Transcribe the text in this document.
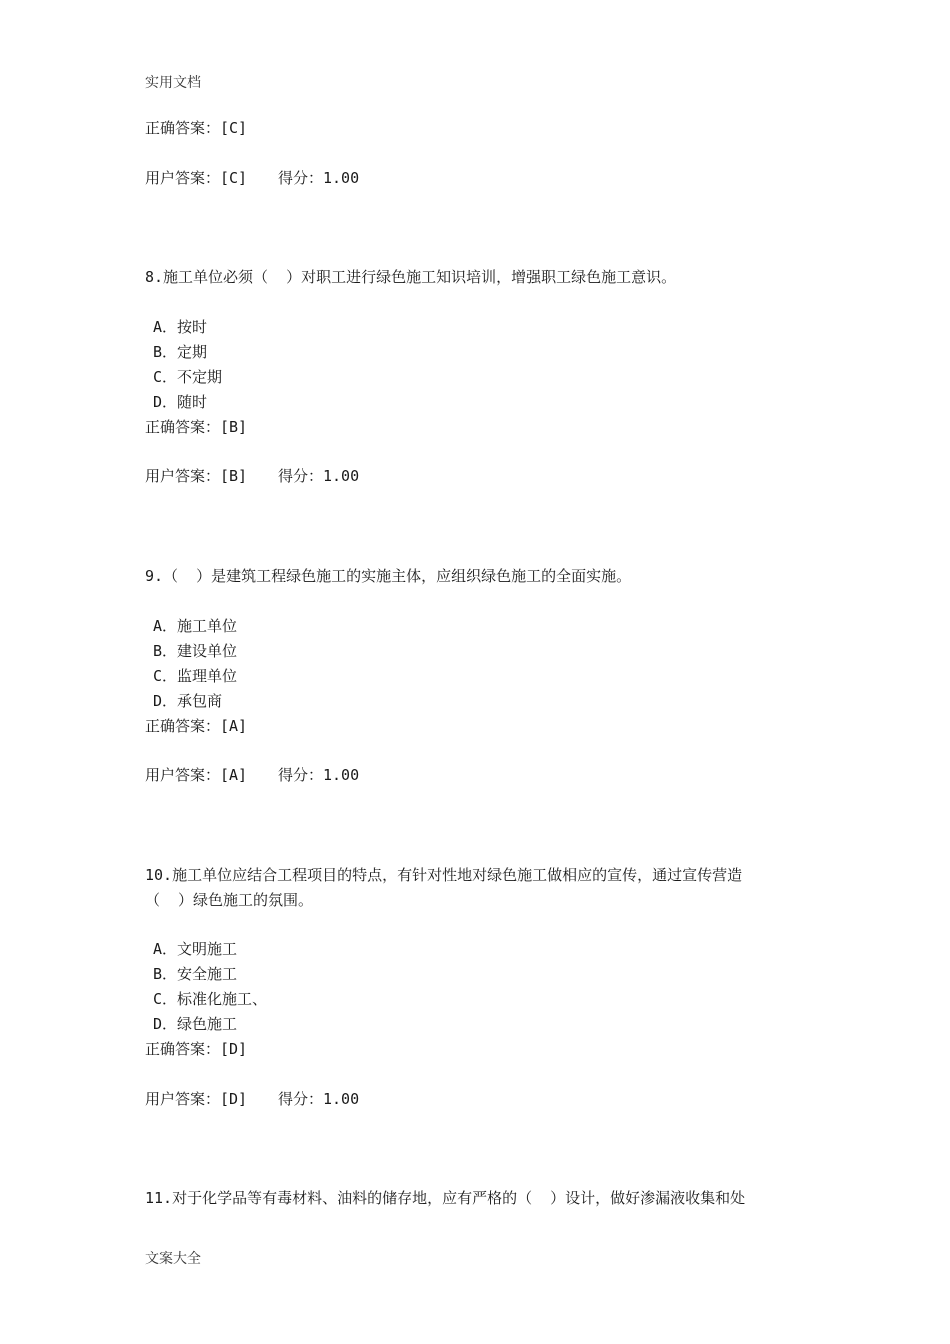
实用文档
正确答案：[C]
用户答案：[C] 得分：1.00
8.施工单位必须（  ）对职工进行绿色施工知识培训，增强职工绿色施工意识。
A．按时
B．定期
C．不定期
D．随时
正确答案：[B]
用户答案：[B] 得分：1.00
9.（  ）是建筑工程绿色施工的实施主体，应组织绿色施工的全面实施。
A．施工单位
B．建设单位
C．监理单位
D．承包商
正确答案：[A]
用户答案：[A] 得分：1.00
10.施工单位应结合工程项目的特点，有针对性地对绿色施工做相应的宣传，通过宣传营造
（  ）绿色施工的氛围。
A．文明施工
B．安全施工
C．标准化施工、
D．绿色施工
正确答案：[D]
用户答案：[D] 得分：1.00
11.对于化学品等有毒材料、油料的储存地，应有严格的（  ）设计，做好渗漏液收集和处
文案大全
